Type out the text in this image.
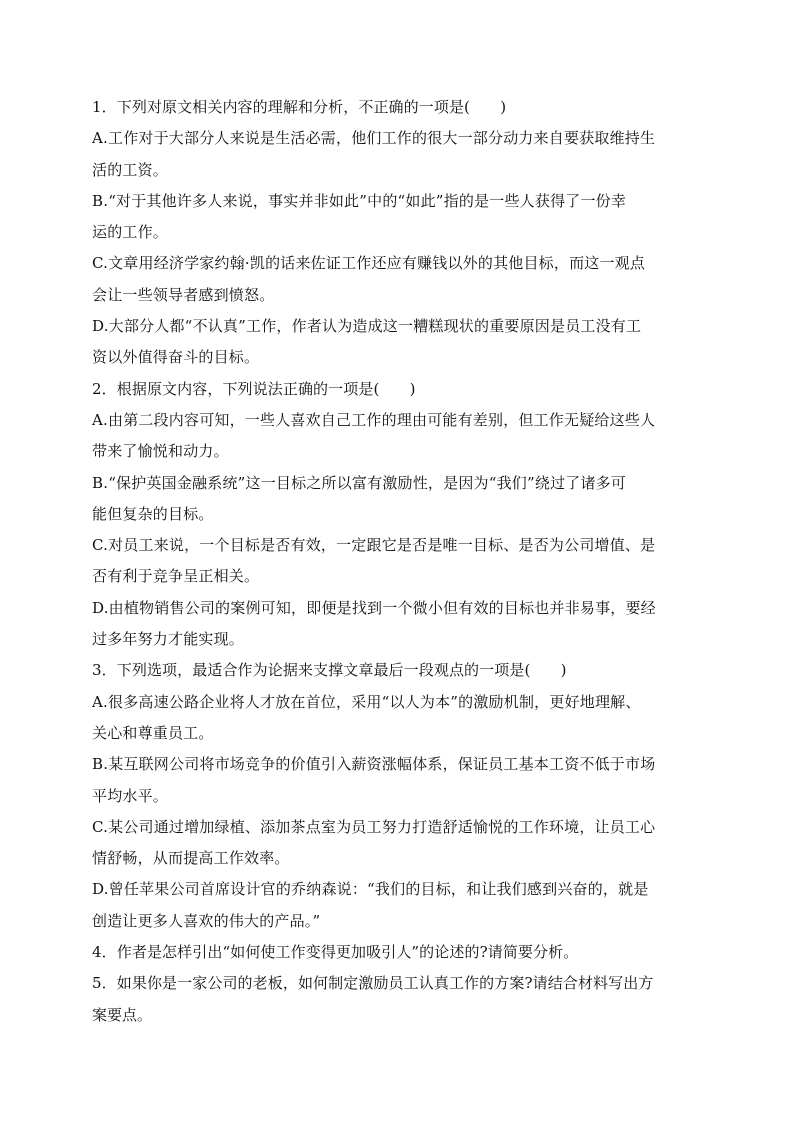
1．下列对原文相关内容的理解和分析，不正确的一项是(　　)
A.工作对于大部分人来说是生活必需，他们工作的很大一部分动力来自要获取维持生
活的工资。
B.“对于其他许多人来说，事实并非如此”中的“如此”指的是一些人获得了一份幸
运的工作。
C.文章用经济学家约翰·凯的话来佐证工作还应有赚钱以外的其他目标，而这一观点
会让一些领导者感到愤怒。
D.大部分人都“不认真”工作，作者认为造成这一糟糕现状的重要原因是员工没有工
资以外值得奋斗的目标。
2．根据原文内容，下列说法正确的一项是(　　)
A.由第二段内容可知，一些人喜欢自己工作的理由可能有差别，但工作无疑给这些人
带来了愉悦和动力。
B.“保护英国金融系统”这一目标之所以富有激励性，是因为“我们”绕过了诸多可
能但复杂的目标。
C.对员工来说，一个目标是否有效，一定跟它是否是唯一目标、是否为公司增值、是
否有利于竞争呈正相关。
D.由植物销售公司的案例可知，即便是找到一个微小但有效的目标也并非易事，要经
过多年努力才能实现。
3．下列选项，最适合作为论据来支撑文章最后一段观点的一项是(　　)
A.很多高速公路企业将人才放在首位，采用“以人为本”的激励机制，更好地理解、
关心和尊重员工。
B.某互联网公司将市场竞争的价值引入薪资涨幅体系，保证员工基本工资不低于市场
平均水平。
C.某公司通过增加绿植、添加茶点室为员工努力打造舒适愉悦的工作环境，让员工心
情舒畅，从而提高工作效率。
D.曾任苹果公司首席设计官的乔纳森说：“我们的目标，和让我们感到兴奋的，就是
创造让更多人喜欢的伟大的产品。”
4．作者是怎样引出“如何使工作变得更加吸引人”的论述的?请简要分析。
5．如果你是一家公司的老板，如何制定激励员工认真工作的方案?请结合材料写出方
案要点。
